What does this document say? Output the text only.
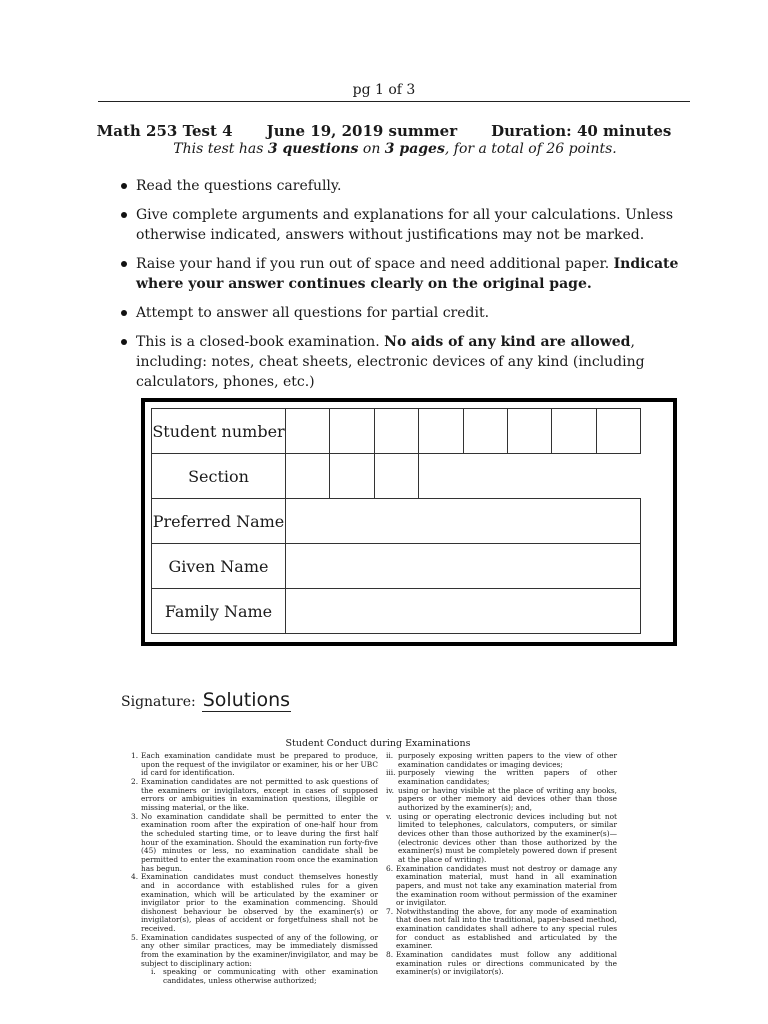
pg 1 of 3
Math 253 Test 4 June 19, 2019 summer Duration: 40 minutes
This test has 3 questions on 3 pages, for a total of 26 points.
Read the questions carefully.
Give complete arguments and explanations for all your calculations. Unless otherwise indicated, answers without justifications may not be marked.
Raise your hand if you run out of space and need additional paper. Indicate where your answer continues clearly on the original page.
Attempt to answer all questions for partial credit.
This is a closed-book examination. No aids of any kind are allowed, including: notes, cheat sheets, electronic devices of any kind (including calculators, phones, etc.)
Student number								
Section								
Preferred Name								
Given Name								
Family Name								
Signature: Solutions
Student Conduct during Examinations
1. Each examination candidate must be prepared to produce, upon the request of the invigilator or examiner, his or her UBC id card for identification.
2. Examination candidates are not permitted to ask questions of the examiners or invigilators, except in cases of supposed errors or ambiguities in examination questions, illegible or missing material, or the like.
3. No examination candidate shall be permitted to enter the examination room after the expiration of one-half hour from the scheduled starting time, or to leave during the first half hour of the examination. Should the examination run forty-five (45) minutes or less, no examination candidate shall be permitted to enter the examination room once the examination has begun.
4. Examination candidates must conduct themselves honestly and in accordance with established rules for a given examination, which will be articulated by the examiner or invigilator prior to the examination commencing. Should dishonest behaviour be observed by the examiner(s) or invigilator(s), pleas of accident or forgetfulness shall not be received.
5. Examination candidates suspected of any of the following, or any other similar practices, may be immediately dismissed from the examination by the examiner/invigilator, and may be subject to disciplinary action:
i. speaking or communicating with other examination candidates, unless otherwise authorized;
ii. purposely exposing written papers to the view of other examination candidates or imaging devices;
iii. purposely viewing the written papers of other examination candidates;
iv. using or having visible at the place of writing any books, papers or other memory aid devices other than those authorized by the examiner(s); and,
v. using or operating electronic devices including but not limited to telephones, calculators, computers, or similar devices other than those authorized by the examiner(s)—(electronic devices other than those authorized by the examiner(s) must be completely powered down if present at the place of writing).
6. Examination candidates must not destroy or damage any examination material, must hand in all examination papers, and must not take any examination material from the examination room without permission of the examiner or invigilator.
7. Notwithstanding the above, for any mode of examination that does not fall into the traditional, paper-based method, examination candidates shall adhere to any special rules for conduct as established and articulated by the examiner.
8. Examination candidates must follow any additional examination rules or directions communicated by the examiner(s) or invigilator(s).
